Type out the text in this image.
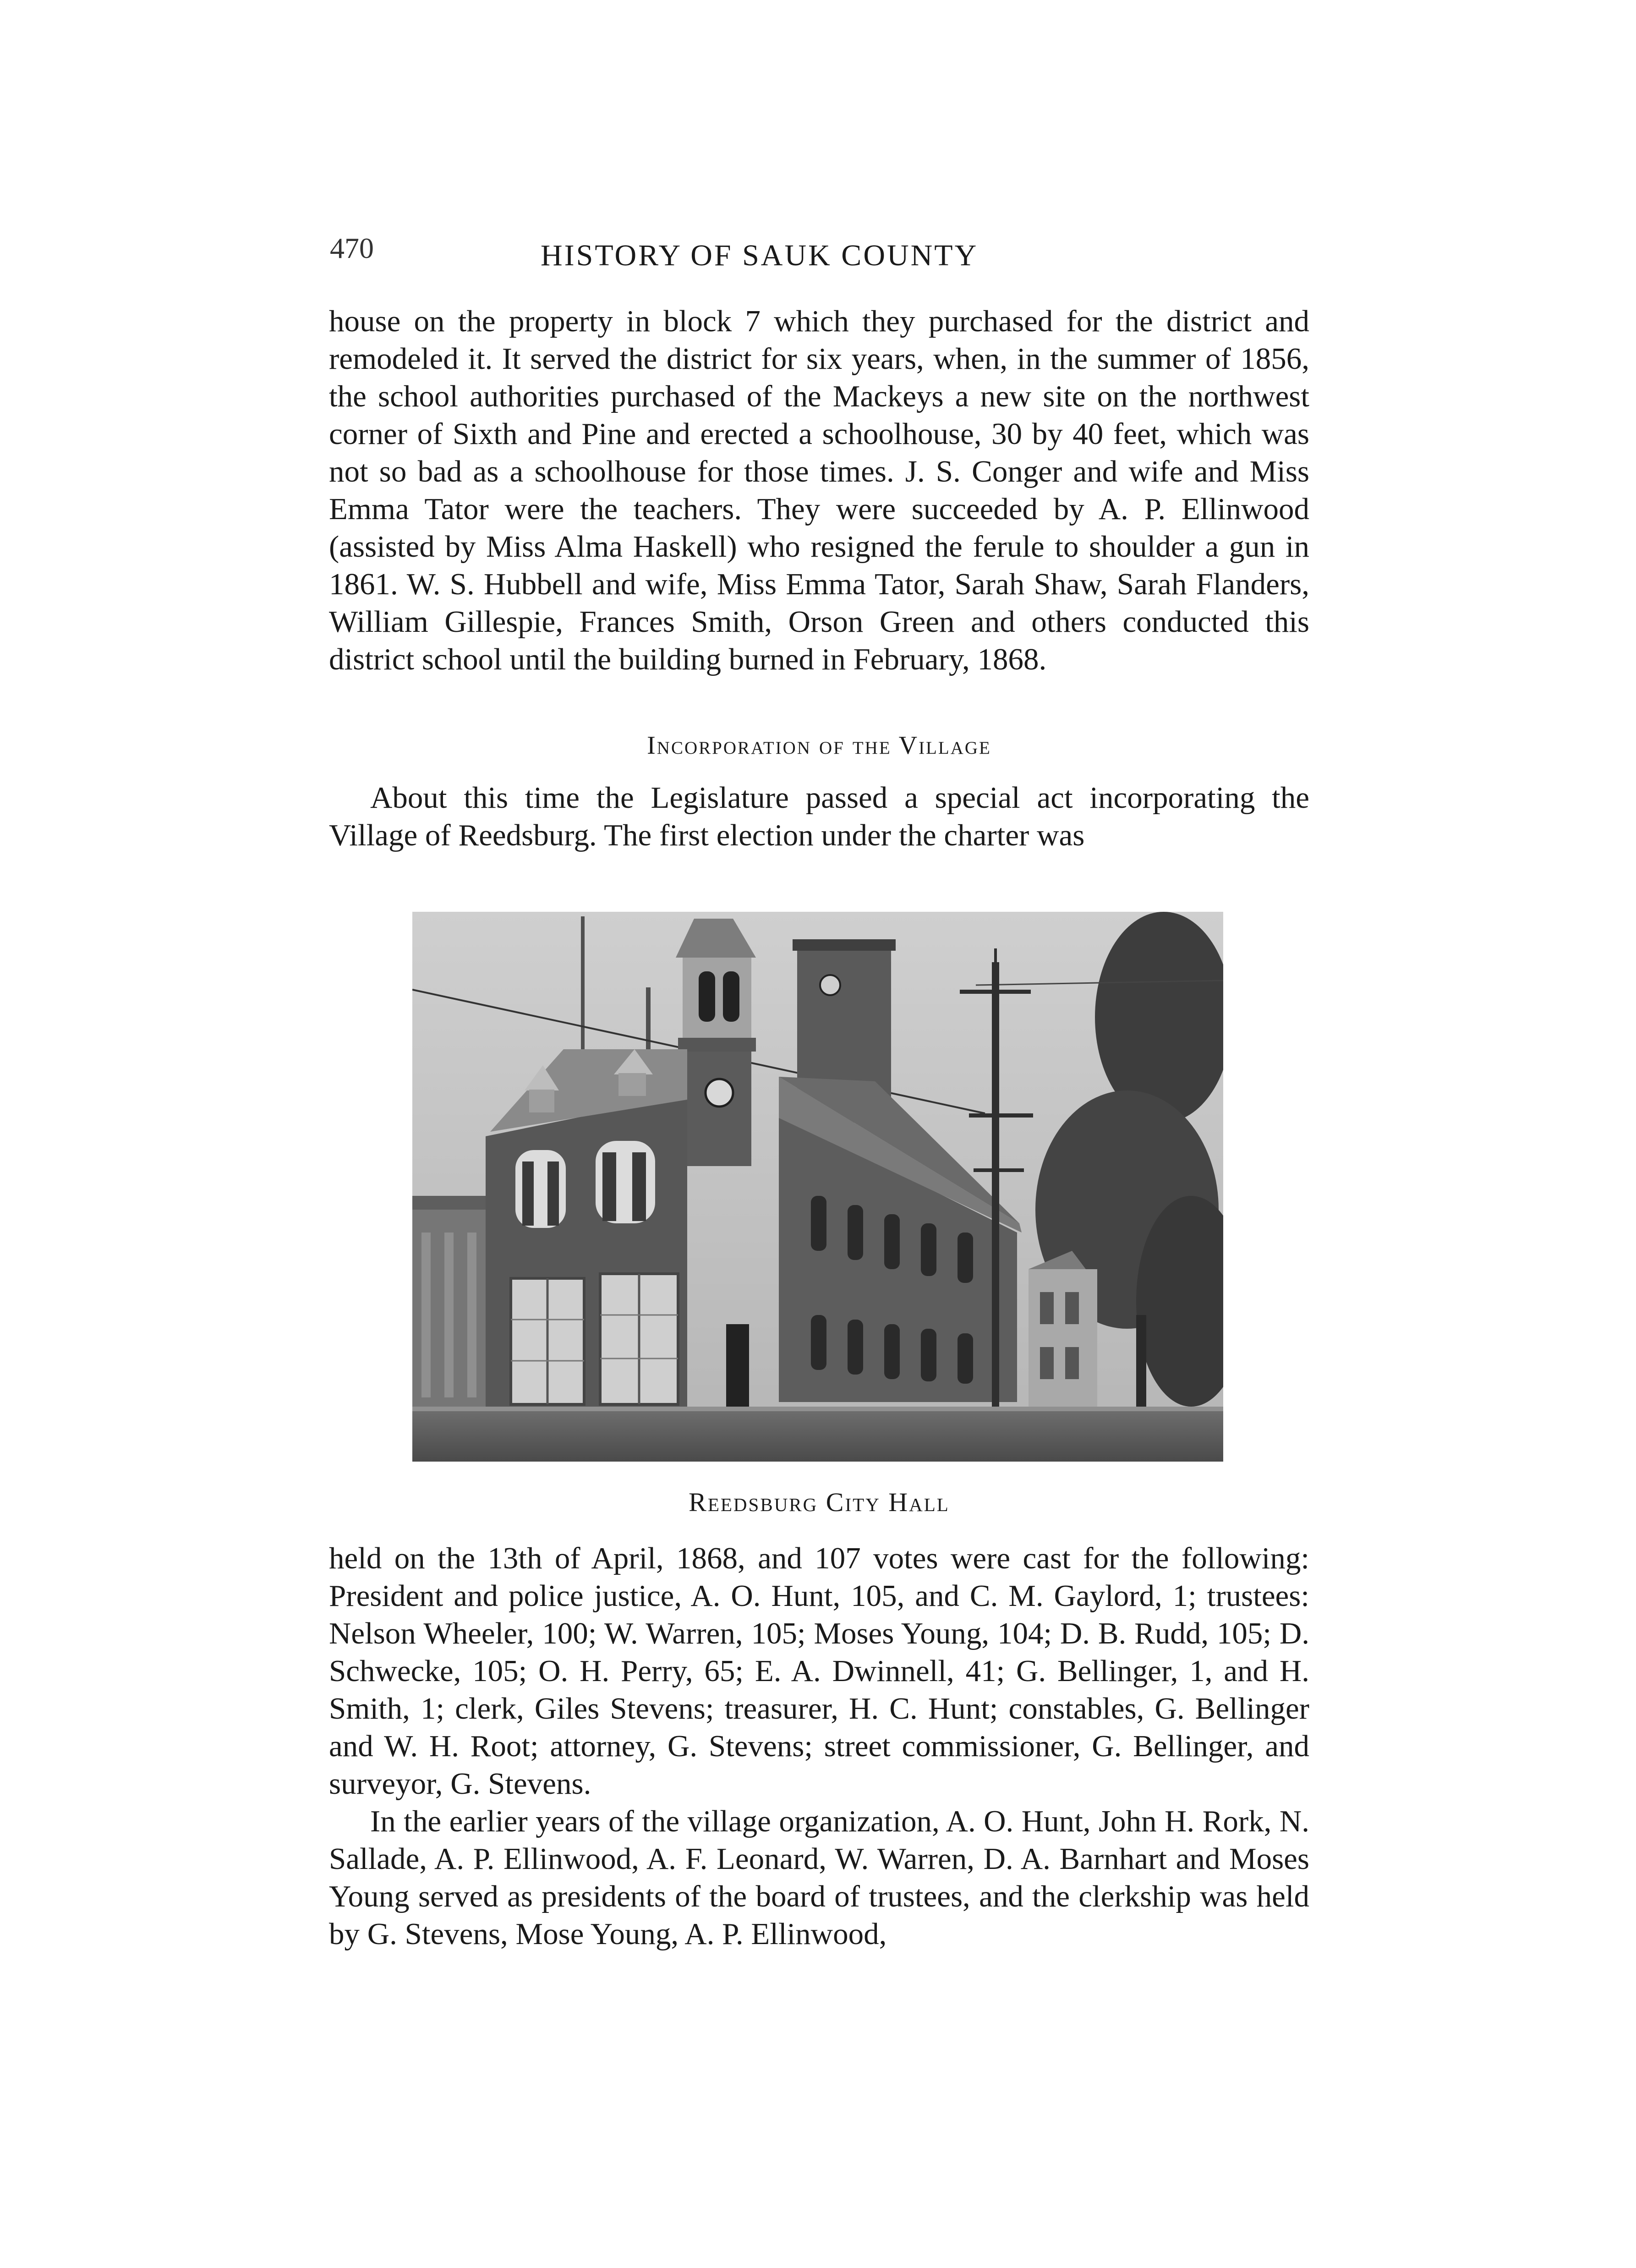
470	HISTORY OF SAUK COUNTY

house on the property in block 7 which they purchased for the district and remodeled it. It served the district for six years, when, in the summer of 1856, the school authorities purchased of the Mackeys a new site on the northwest corner of Sixth and Pine and erected a schoolhouse, 30 by 40 feet, which was not so bad as a schoolhouse for those times. J. S. Conger and wife and Miss Emma Tator were the teachers. They were succeeded by A. P. Ellinwood (assisted by Miss Alma Haskell) who resigned the ferule to shoulder a gun in 1861. W. S. Hubbell and wife, Miss Emma Tator, Sarah Shaw, Sarah Flanders, William Gillespie, Frances Smith, Orson Green and others conducted this district school until the building burned in February, 1868.

Incorporation of the Village

About this time the Legislature passed a special act incorporating the Village of Reedsburg. The first election under the charter was

Reedsburg City Hall

held on the 13th of April, 1868, and 107 votes were cast for the following: President and police justice, A. O. Hunt, 105, and C. M. Gaylord, 1; trustees: Nelson Wheeler, 100; W. Warren, 105; Moses Young, 104; D. B. Rudd, 105; D. Schwecke, 105; O. H. Perry, 65; E. A. Dwinnell, 41; G. Bellinger, 1, and H. Smith, 1; clerk, Giles Stevens; treasurer, H. C. Hunt; constables, G. Bellinger and W. H. Root; attorney, G. Stevens; street commissioner, G. Bellinger, and surveyor, G. Stevens.

In the earlier years of the village organization, A. O. Hunt, John H. Rork, N. Sallade, A. P. Ellinwood, A. F. Leonard, W. Warren, D. A. Barnhart and Moses Young served as presidents of the board of trustees, and the clerkship was held by G. Stevens, Mose Young, A. P. Ellinwood,
